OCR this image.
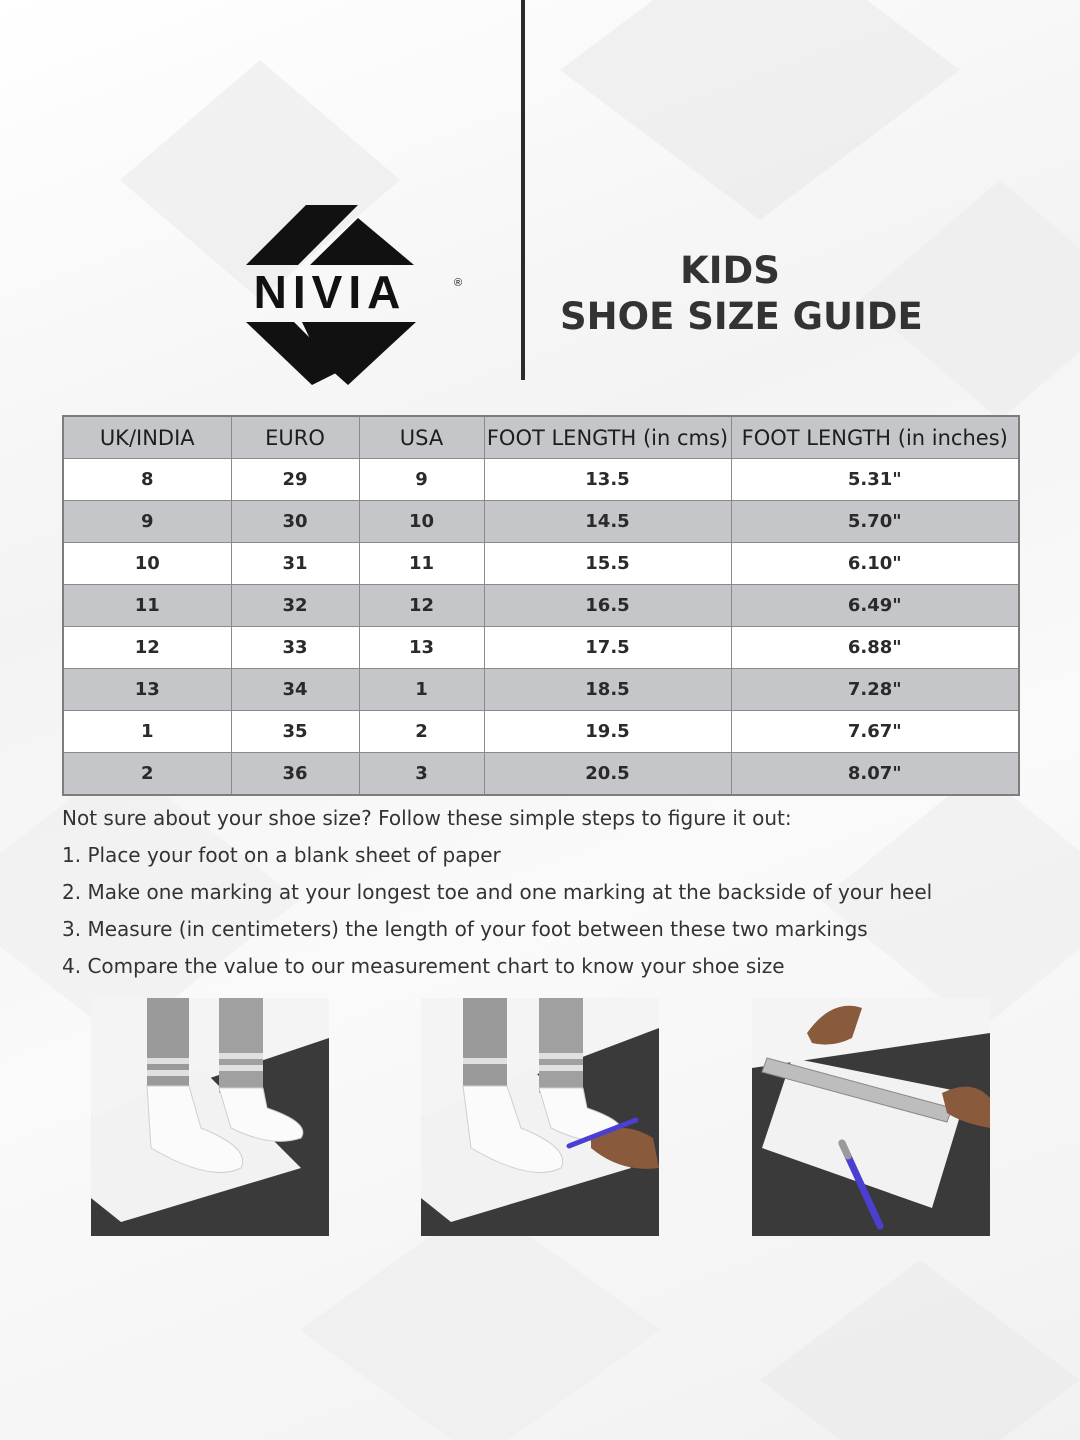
NIVIA	®	KIDS
SHOE SIZE GUIDE
UK/INDIA	EURO	USA	FOOT LENGTH (in cms)	FOOT LENGTH (in inches)
8	29	9	13.5	5.31"
9	30	10	14.5	5.70"
10	31	11	15.5	6.10"
11	32	12	16.5	6.49"
12	33	13	17.5	6.88"
13	34	1	18.5	7.28"
1	35	2	19.5	7.67"
2	36	3	20.5	8.07"

Not sure about your shoe size? Follow these simple steps to figure it out:

1. Place your foot on a blank sheet of paper

2. Make one marking at your longest toe and one marking at the backside of your heel

3. Measure (in centimeters) the length of your foot between these two markings

4. Compare the value to our measurement chart to know your shoe size
